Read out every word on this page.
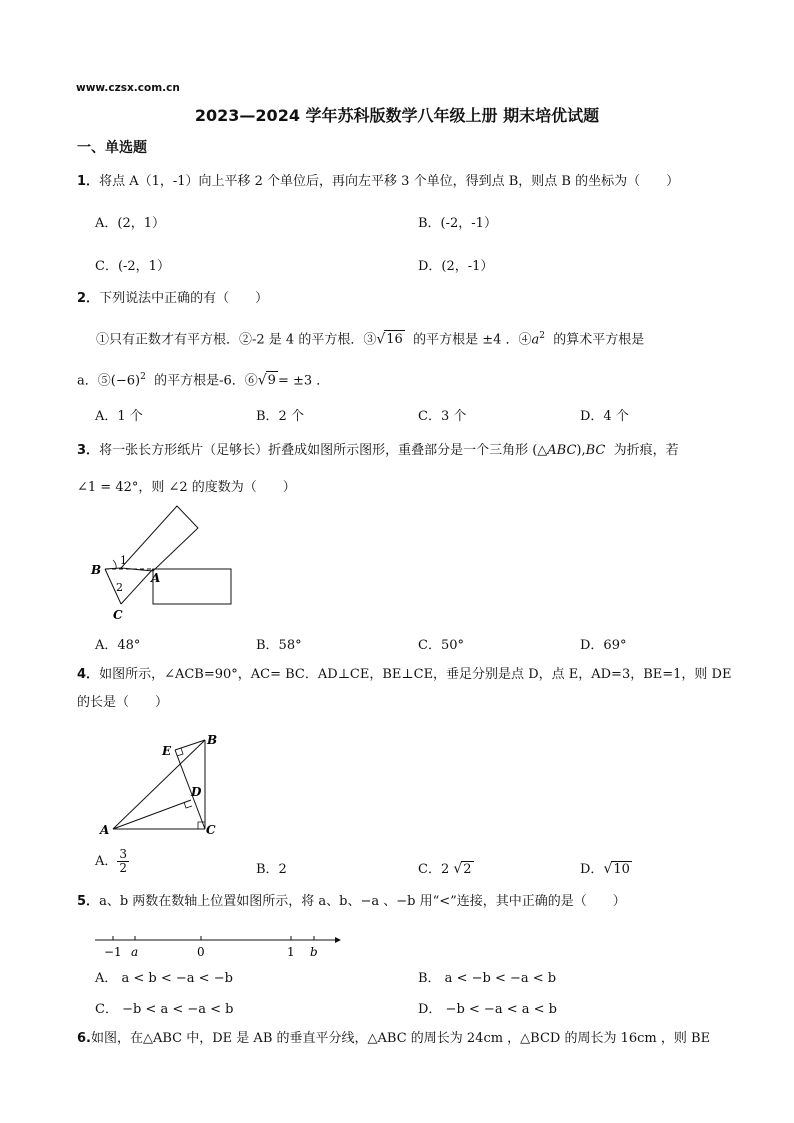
www.czsx.com.cn
2023—2024 学年苏科版数学八年级上册 期末培优试题
一、单选题
1．将点 A（1，-1）向上平移 2 个单位后，再向左平移 3 个单位，得到点 B，则点 B 的坐标为（　　）
A．(2，1）	B．(-2，-1）
C．(-2，1）	D．(2，-1）
2．下列说法中正确的有（　　）
①只有正数才有平方根．②-2 是 4 的平方根．③√16 的平方根是 ±4 ．$④a^2$ 的算术平方根是
a．$⑤(-6)^2$ 的平方根是-6．⑥√9 = ±3 ．
A．1 个	B．2 个	C．3 个	D．4 个
3．将一张长方形纸片（足够长）折叠成如图所示图形，重叠部分是一个三角形 (△ABC),BC 为折痕，若
∠1 = 42°，则 ∠2 的度数为（　　）
B
A
C
1
2
A．48°	B．58°	C．50°	D．69°
4．如图所示，∠ACB=90°，AC= BC．AD⊥CE，BE⊥CE，垂足分别是点 D，点 E，AD=3，BE=1，则 DE
的长是（　　）
A
B
C
D
E
A． $\frac{3}{2}$	B．2	C．2 √2	D．√10
5．a、b 两数在数轴上位置如图所示，将 a、b、−a 、−b 用“<”连接，其中正确的是（　　）
−1 a	0	1 b
A． a < b < −a < −b	B． a < −b < −a < b
C． −b < a < −a < b	D． −b < −a < a < b
6.如图，在△ABC 中，DE 是 AB 的垂直平分线，△ABC 的周长为 24cm ，△BCD 的周长为 16cm ，则 BE
